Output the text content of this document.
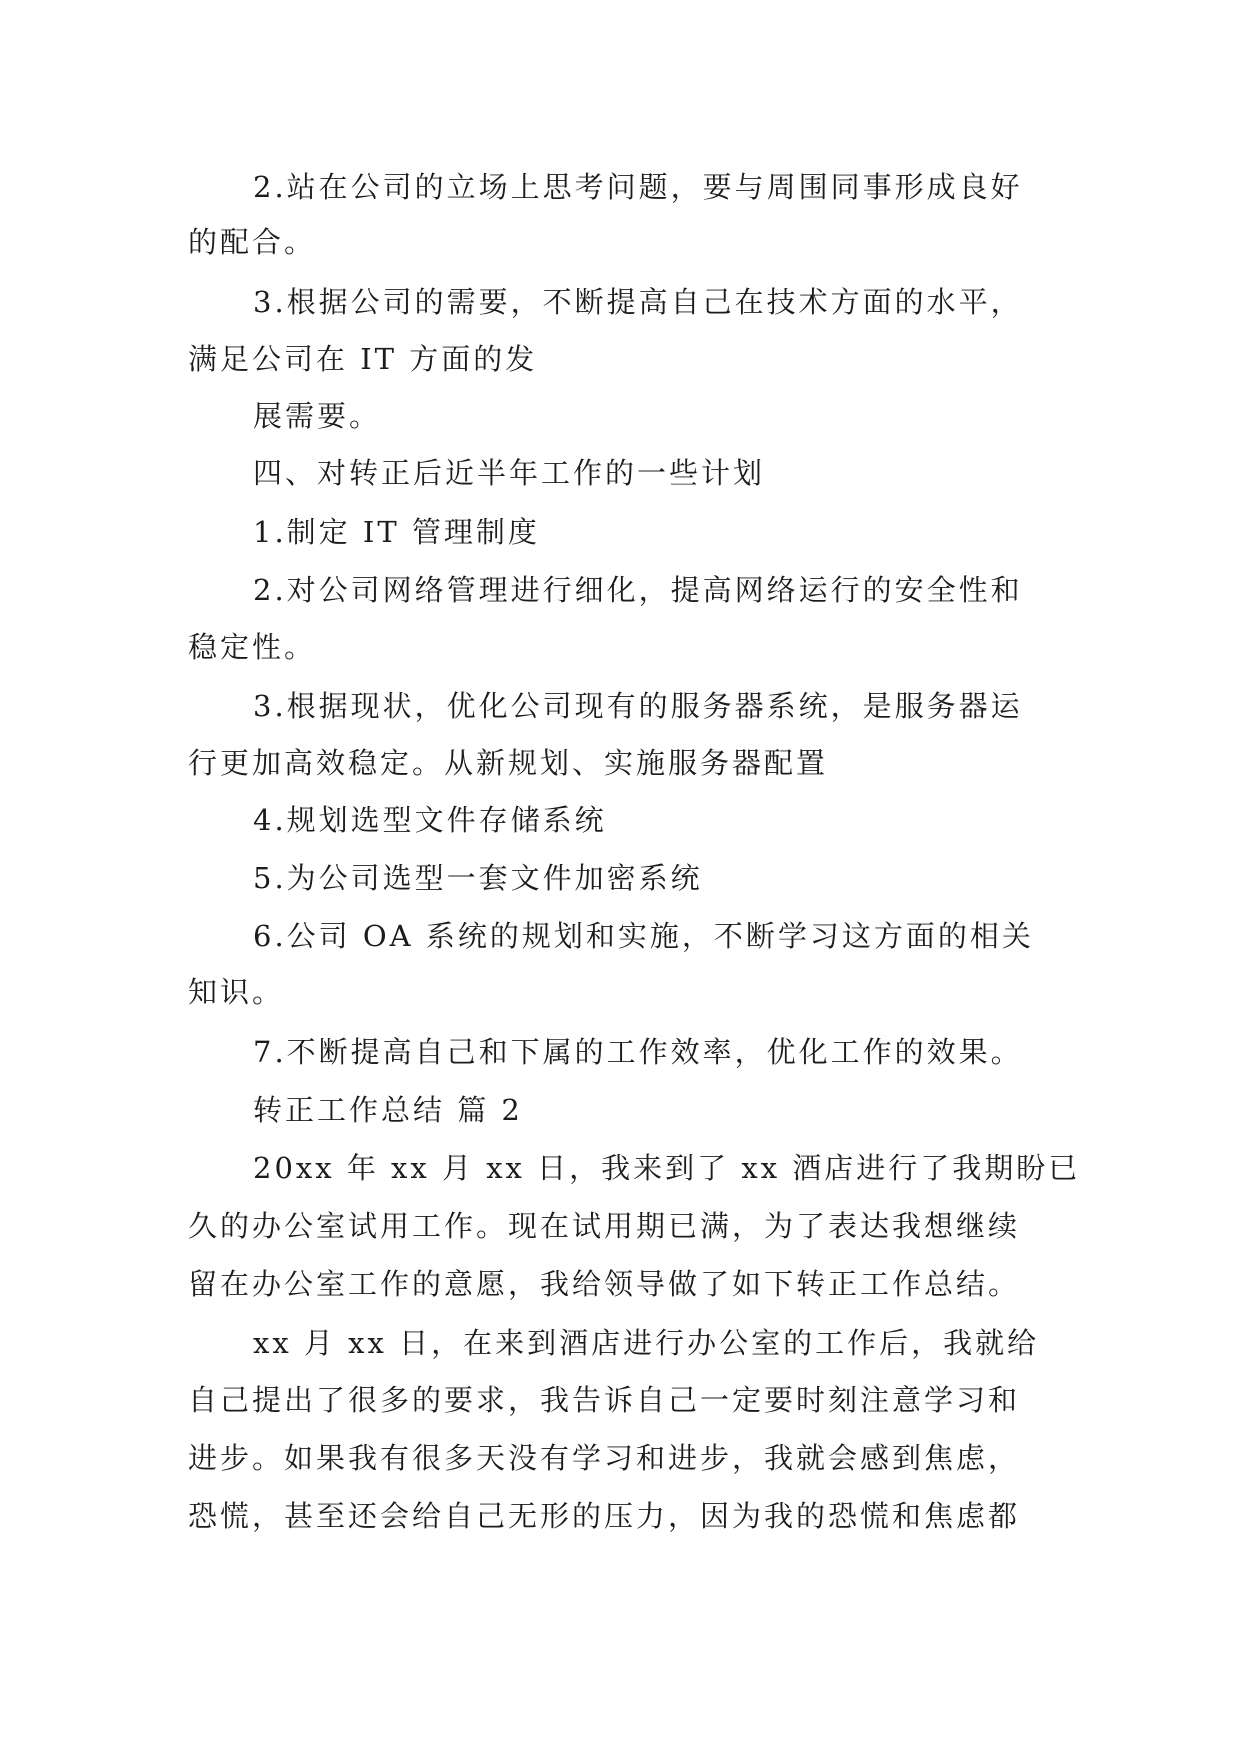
2.站在公司的立场上思考问题，要与周围同事形成良好

的配合。

3.根据公司的需要，不断提高自己在技术方面的水平，

满足公司在 IT 方面的发

展需要。

四、对转正后近半年工作的一些计划

1.制定 IT 管理制度

2.对公司网络管理进行细化，提高网络运行的安全性和

稳定性。

3.根据现状，优化公司现有的服务器系统，是服务器运

行更加高效稳定。从新规划、实施服务器配置

4.规划选型文件存储系统

5.为公司选型一套文件加密系统

6.公司 OA 系统的规划和实施，不断学习这方面的相关

知识。

7.不断提高自己和下属的工作效率，优化工作的效果。

转正工作总结 篇 2

20xx 年 xx 月 xx 日，我来到了 xx 酒店进行了我期盼已

久的办公室试用工作。现在试用期已满，为了表达我想继续

留在办公室工作的意愿，我给领导做了如下转正工作总结。

xx 月 xx 日，在来到酒店进行办公室的工作后，我就给

自己提出了很多的要求，我告诉自己一定要时刻注意学习和

进步。如果我有很多天没有学习和进步，我就会感到焦虑，

恐慌，甚至还会给自己无形的压力，因为我的恐慌和焦虑都
